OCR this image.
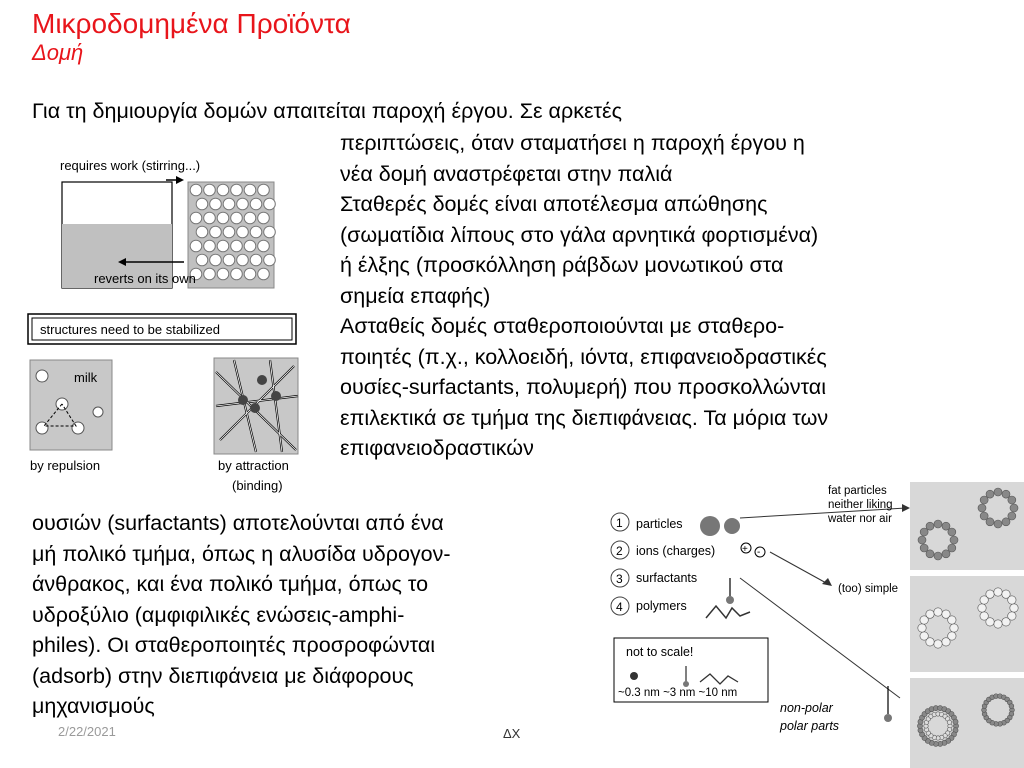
Μικροδομημένα Προϊόντα
Δομή
Για τη δημιουργία δομών απαιτείται παροχή έργου. Σε αρκετές
περιπτώσεις, όταν σταματήσει η παροχή έργου η
νέα δομή αναστρέφεται στην παλιά
Σταθερές δομές είναι αποτέλεσμα απώθησης
(σωματίδια λίπους στο γάλα αρνητικά φορτισμένα)
ή έλξης (προσκόλληση ράβδων μονωτικού στα
σημεία επαφής)
Ασταθείς δομές σταθεροποιούνται με σταθερο-
ποιητές (π.χ., κολλοειδή, ιόντα, επιφανειοδραστικές
ουσίες-surfactants, πολυμερή) που προσκολλώνται
επιλεκτικά σε τμήμα της διεπιφάνειας. Τα μόρια των
επιφανειοδραστικών
ουσιών (surfactants) αποτελούνται από ένα
μή πολικό τμήμα, όπως η αλυσίδα υδρογον-
άνθρακος, και ένα πολικό τμήμα, όπως το
υδροξύλιο (αμφιφιλικές ενώσεις-amphi-
philes). Οι σταθεροποιητές προσροφώνται
(adsorb) στην διεπιφάνεια με διάφορους
μηχανισμούς
requires work (stirring...)
reverts on its own
structures need to be stabilized
milk
by repulsion	by attraction
(binding)
1 particles
2 ions (charges)	+ -
3 surfactants
4 polymers
not to scale!
~0.3 nm ~3 nm ~10 nm
fat particles
neither liking
water nor air
(too) simple
non-polar
polar parts
2/22/2021	ΔΧ
